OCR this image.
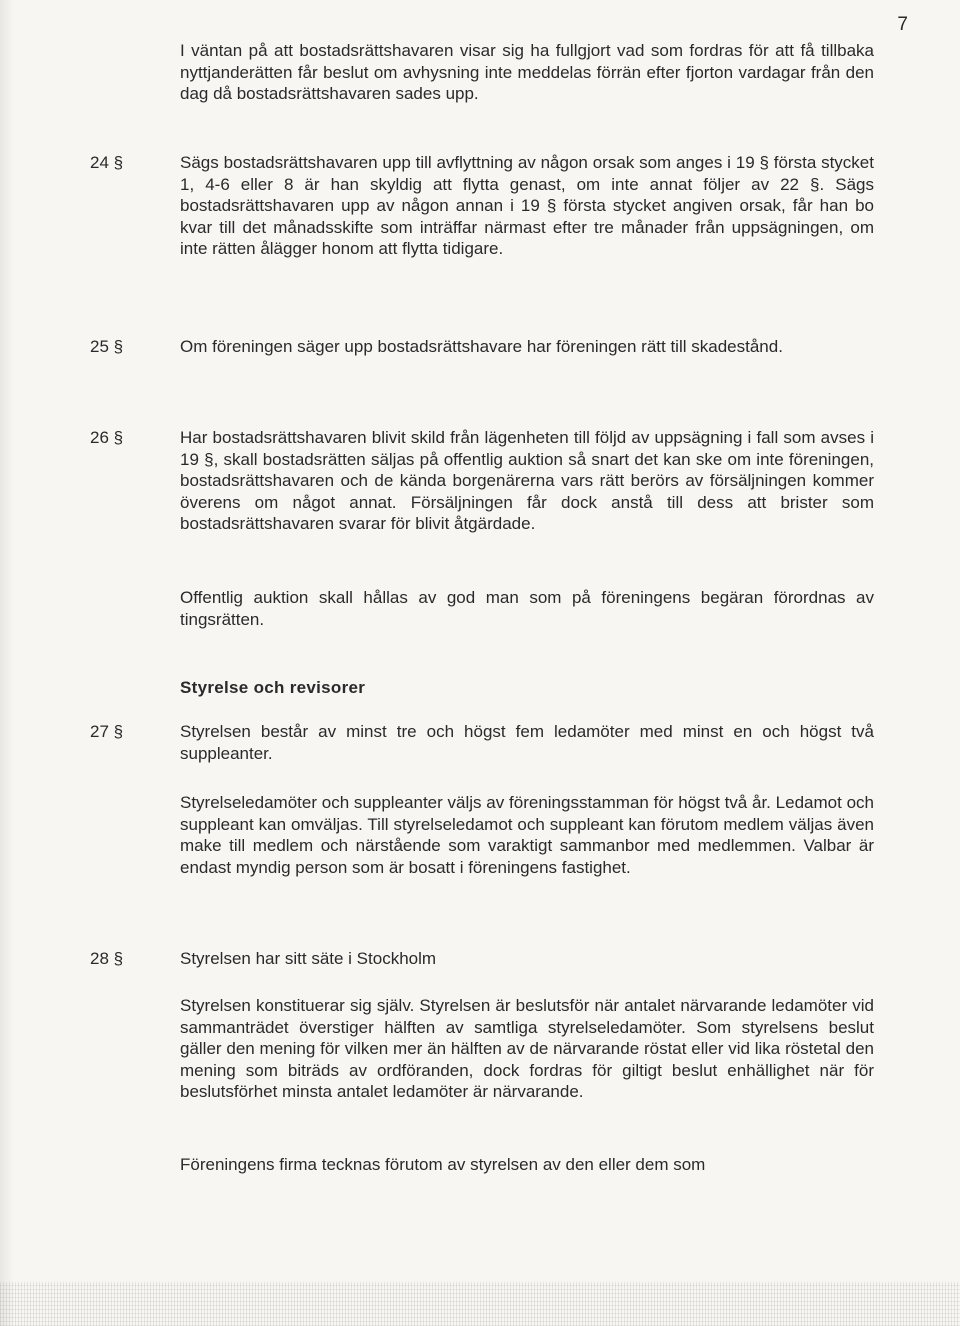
7

I väntan på att bostadsrättshavaren visar sig ha fullgjort vad som fordras för att få tillbaka nyttjanderätten får beslut om avhysning inte meddelas förrän efter fjorton vardagar från den dag då bostadsrättshavaren sades upp.

24 §	Sägs bostadsrättshavaren upp till avflyttning av någon orsak som anges i 19 § första stycket 1, 4-6 eller 8 är han skyldig att flytta genast, om inte annat följer av 22 §. Sägs bostadsrättshavaren upp av någon annan i 19 § första stycket angiven orsak, får han bo kvar till det månadsskifte som inträffar närmast efter tre månader från uppsägningen, om inte rätten ålägger honom att flytta tidigare.

25 §	Om föreningen säger upp bostadsrättshavare har föreningen rätt till skadestånd.

26 §	Har bostadsrättshavaren blivit skild från lägenheten till följd av uppsägning i fall som avses i 19 §, skall bostadsrätten säljas på offentlig auktion så snart det kan ske om inte föreningen, bostadsrättshavaren och de kända borgenärerna vars rätt berörs av försäljningen kommer överens om något annat. Försäljningen får dock anstå till dess att brister som bostadsrättshavaren svarar för blivit åtgärdade.

Offentlig auktion skall hållas av god man som på föreningens begäran förordnas av tingsrätten.

Styrelse och revisorer
27 §	Styrelsen består av minst tre och högst fem ledamöter med minst en och högst två suppleanter.

Styrelseledamöter och suppleanter väljs av föreningsstamman för högst två år. Ledamot och suppleant kan omväljas. Till styrelseledamot och suppleant kan förutom medlem väljas även make till medlem och närstående som varaktigt sammanbor med medlemmen. Valbar är endast myndig person som är bosatt i föreningens fastighet.

28 §	Styrelsen har sitt säte i Stockholm

Styrelsen konstituerar sig själv. Styrelsen är beslutsför när antalet närvarande ledamöter vid sammanträdet överstiger hälften av samtliga styrelseledamöter. Som styrelsens beslut gäller den mening för vilken mer än hälften av de närvarande röstat eller vid lika röstetal den mening som biträds av ordföranden, dock fordras för giltigt beslut enhällighet när för beslutsförhet minsta antalet ledamöter är närvarande.

Föreningens firma tecknas förutom av styrelsen av den eller dem som
